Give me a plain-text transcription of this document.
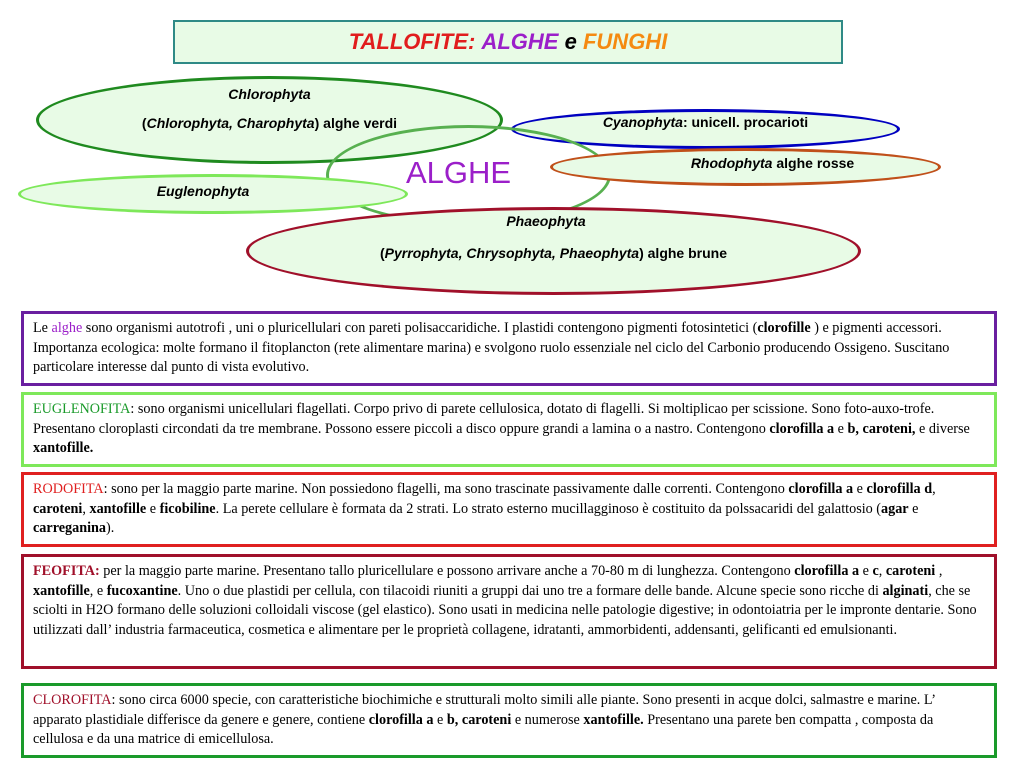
TALLOFITE:
ALGHE
e
FUNGHI
Chlorophyta
(Chlorophyta, Charophyta) alghe verdi	Cyanophyta: unicell. procarioti
Rhodophyta alghe rosse
Euglenophyta
Phaeophyta
(Pyrrophyta, Chrysophyta, Phaeophyta) alghe brune
ALGHE
Le alghe sono organismi autotrofi , uni o pluricellulari con pareti polisaccaridiche. I plastidi contengono pigmenti fotosintetici (clorofille ) e pigmenti accessori. Importanza ecologica: molte formano il fitoplancton (rete alimentare marina) e svolgono ruolo essenziale nel ciclo del Carbonio producendo Ossigeno. Suscitano particolare interesse dal punto di vista evolutivo.
EUGLENOFITA: sono organismi unicellulari flagellati. Corpo privo di parete cellulosica, dotato di flagelli. Si moltiplicao per scissione. Sono foto-auxo-trofe. Presentano cloroplasti circondati da tre membrane. Possono essere piccoli a disco oppure grandi a lamina o a nastro. Contengono clorofilla a e b, caroteni, e diverse xantofille.
RODOFITA: sono per la maggio parte marine. Non possiedono flagelli, ma sono trascinate passivamente dalle correnti. Contengono clorofilla a e clorofilla d, caroteni, xantofille e ficobiline. La perete cellulare è formata da 2 strati. Lo strato esterno mucillagginoso è costituito da polssacaridi del galattosio (agar e carreganina).
FEOFITA: per la maggio parte marine. Presentano tallo pluricellulare e possono arrivare anche a 70-80 m di lunghezza. Contengono clorofilla a e c, caroteni , xantofille, e fucoxantine. Uno o due plastidi per cellula, con tilacoidi riuniti a gruppi dai uno tre a formare delle bande. Alcune specie sono ricche di alginati, che se sciolti in H2O formano delle soluzioni colloidali viscose (gel elastico). Sono usati in medicina nelle patologie digestive; in odontoiatria per le impronte dentarie. Sono utilizzati dall’ industria farmaceutica, cosmetica e alimentare per le proprietà collagene, idratanti, ammorbidenti, addensanti, gelificanti ed emulsionanti.
CLOROFITA: sono circa 6000 specie, con caratteristiche biochimiche e strutturali molto simili alle piante. Sono presenti in acque dolci, salmastre e marine. L’ apparato plastidiale differisce da genere e genere, contiene clorofilla a e b, caroteni e numerose xantofille. Presentano una parete ben compatta , composta da cellulosa e da una matrice di emicellulosa.
